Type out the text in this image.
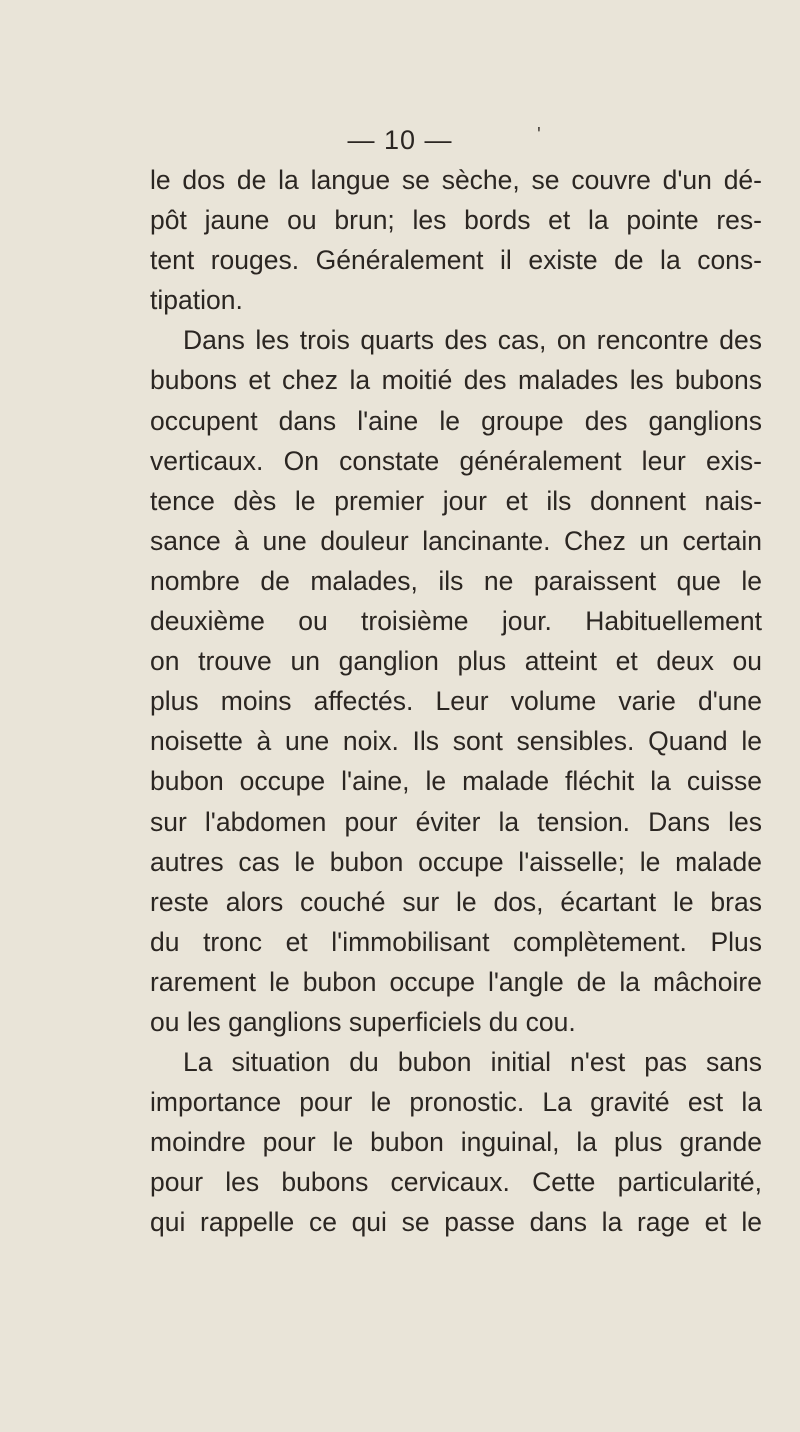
— 10 —	'
le dos de la langue se sèche, se couvre d'un dé-
pôt jaune ou brun; les bords et la pointe res-
tent rouges. Généralement il existe de la cons-
tipation.
Dans les trois quarts des cas, on rencontre des
bubons et chez la moitié des malades les bubons
occupent dans l'aine le groupe des ganglions
verticaux. On constate généralement leur exis-
tence dès le premier jour et ils donnent nais-
sance à une douleur lancinante. Chez un certain
nombre de malades, ils ne paraissent que le
deuxième ou troisième jour. Habituellement
on trouve un ganglion plus atteint et deux ou
plus moins affectés. Leur volume varie d'une
noisette à une noix. Ils sont sensibles. Quand le
bubon occupe l'aine, le malade fléchit la cuisse
sur l'abdomen pour éviter la tension. Dans les
autres cas le bubon occupe l'aisselle; le malade
reste alors couché sur le dos, écartant le bras
du tronc et l'immobilisant complètement. Plus
rarement le bubon occupe l'angle de la mâchoire
ou les ganglions superficiels du cou.
La situation du bubon initial n'est pas sans
importance pour le pronostic. La gravité est la
moindre pour le bubon inguinal, la plus grande
pour les bubons cervicaux. Cette particularité,
qui rappelle ce qui se passe dans la rage et le
